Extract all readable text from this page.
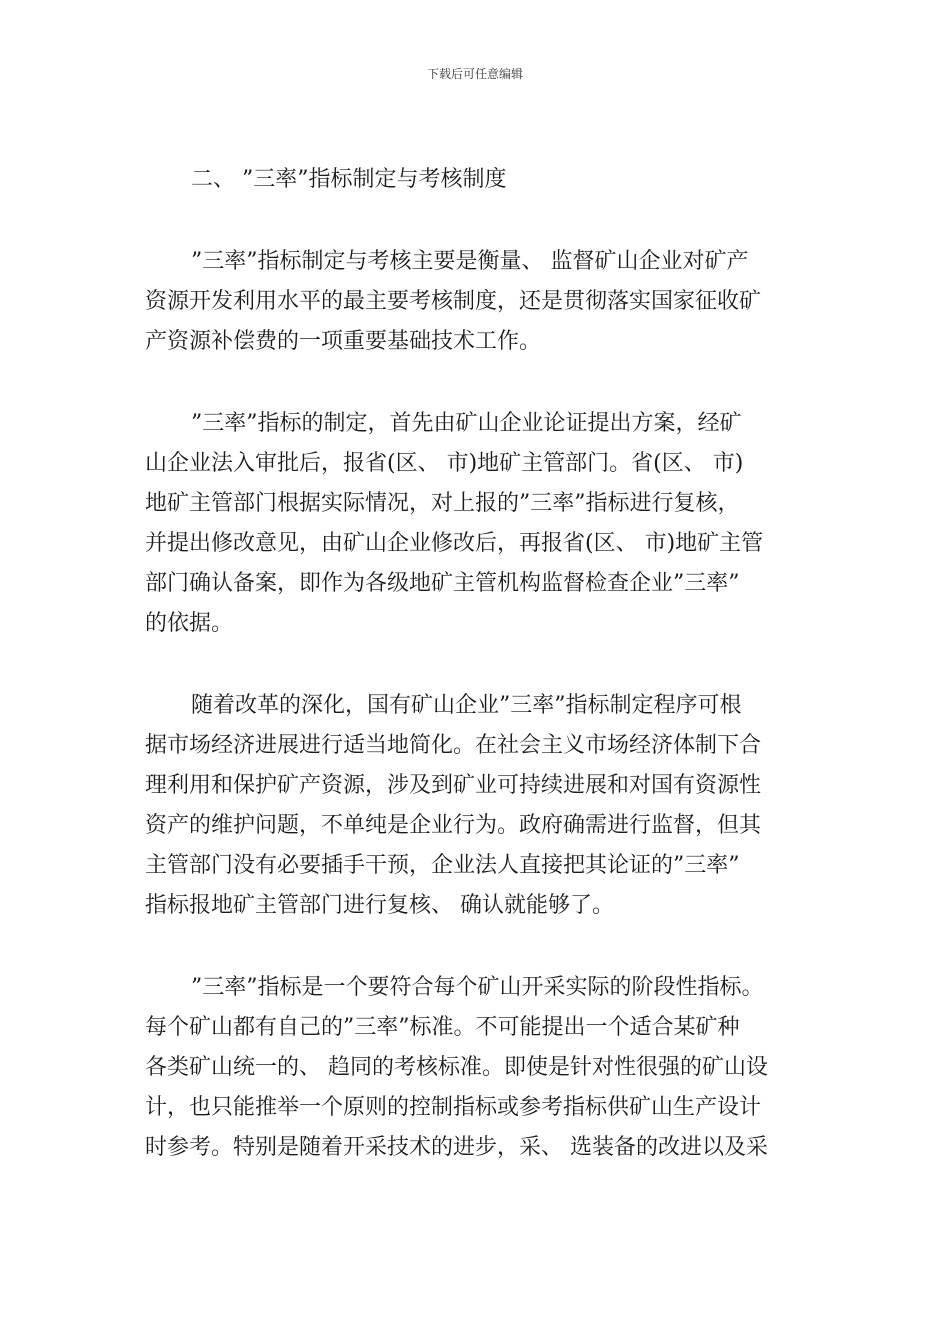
下载后可任意编辑
二、 ”三率”指标制定与考核制度

”三率”指标制定与考核主要是衡量、 监督矿山企业对矿产
资源开发利用水平的最主要考核制度，还是贯彻落实国家征收矿
产资源补偿费的一项重要基础技术工作。

”三率”指标的制定，首先由矿山企业论证提出方案，经矿
山企业法入审批后，报省(区、 市)地矿主管部门。省(区、 市)
地矿主管部门根据实际情况，对上报的”三率”指标进行复核，
并提出修改意见，由矿山企业修改后，再报省(区、 市)地矿主管
部门确认备案，即作为各级地矿主管机构监督检查企业”三率”
的依据。

随着改革的深化，国有矿山企业”三率”指标制定程序可根
据市场经济进展进行适当地简化。在社会主义市场经济体制下合
理利用和保护矿产资源，涉及到矿业可持续进展和对国有资源性
资产的维护问题，不单纯是企业行为。政府确需进行监督，但其
主管部门没有必要插手干预，企业法人直接把其论证的”三率”
指标报地矿主管部门进行复核、 确认就能够了。

”三率”指标是一个要符合每个矿山开采实际的阶段性指标。
每个矿山都有自己的”三率”标准。不可能提出一个适合某矿种
各类矿山统一的、 趋同的考核标准。即使是针对性很强的矿山设
计，也只能推举一个原则的控制指标或参考指标供矿山生产设计
时参考。特别是随着开采技术的进步，采、 选装备的改进以及采
